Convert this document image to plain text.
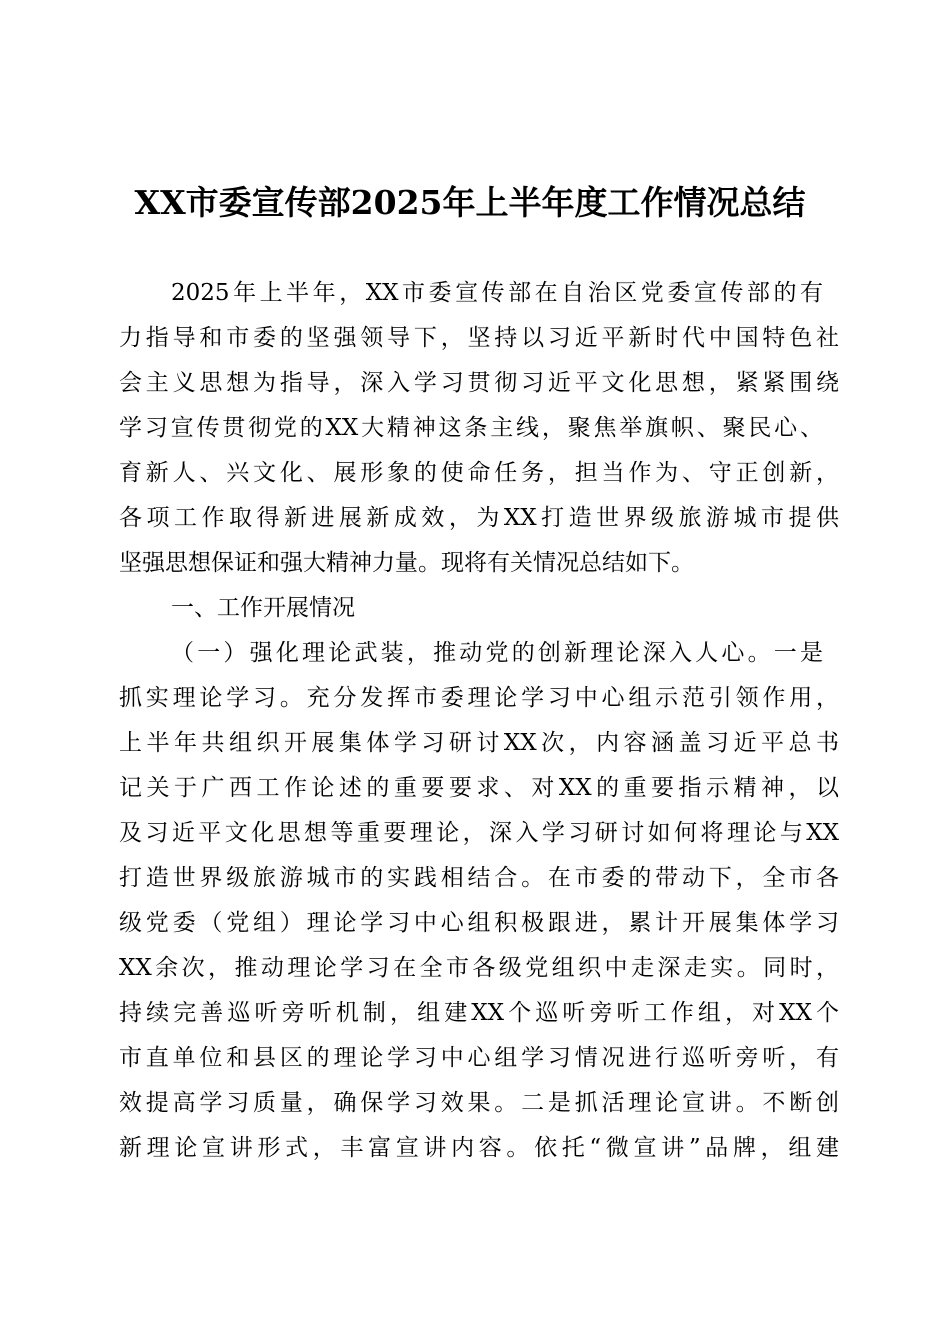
XX市委宣传部2025年上半年度工作情况总结
2025年上半年，XX市委宣传部在自治区党委宣传部的有
力指导和市委的坚强领导下，坚持以习近平新时代中国特色社
会主义思想为指导，深入学习贯彻习近平文化思想，紧紧围绕
学习宣传贯彻党的XX大精神这条主线，聚焦举旗帜、聚民心、
育新人、兴文化、展形象的使命任务，担当作为、守正创新，
各项工作取得新进展新成效，为XX打造世界级旅游城市提供
坚强思想保证和强大精神力量。现将有关情况总结如下。
一、工作开展情况
（一）强化理论武装，推动党的创新理论深入人心。一是
抓实理论学习。充分发挥市委理论学习中心组示范引领作用，
上半年共组织开展集体学习研讨XX次，内容涵盖习近平总书
记关于广西工作论述的重要要求、对XX的重要指示精神，以
及习近平文化思想等重要理论，深入学习研讨如何将理论与XX
打造世界级旅游城市的实践相结合。在市委的带动下，全市各
级党委（党组）理论学习中心组积极跟进，累计开展集体学习
XX余次，推动理论学习在全市各级党组织中走深走实。同时，
持续完善巡听旁听机制，组建XX个巡听旁听工作组，对XX个
市直单位和县区的理论学习中心组学习情况进行巡听旁听，有
效提高学习质量，确保学习效果。二是抓活理论宣讲。不断创
新理论宣讲形式，丰富宣讲内容。依托“微宣讲”品牌，组建
